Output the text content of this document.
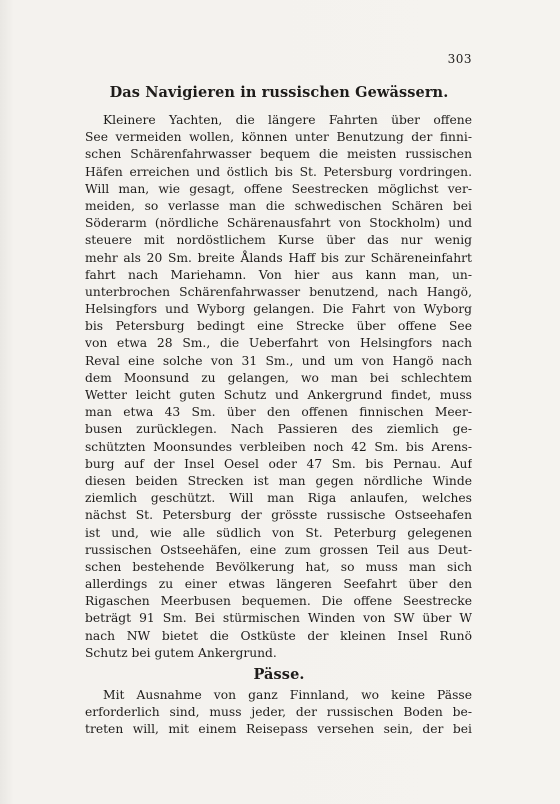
303
Das Navigieren in russischen Gewässern.
Kleinere Yachten, die längere Fahrten über offene
See vermeiden wollen, können unter Benutzung der finni-
schen Schärenfahrwasser bequem die meisten russischen
Häfen erreichen und östlich bis St. Petersburg vordringen.
Will man, wie gesagt, offene Seestrecken möglichst ver-
meiden, so verlasse man die schwedischen Schären bei
Söderarm (nördliche Schärenausfahrt von Stockholm) und
steuere mit nordöstlichem Kurse über das nur wenig
mehr als 20 Sm. breite Ålands Haff bis zur Schäreneinfahrt
fahrt nach Mariehamn. Von hier aus kann man, un-
unterbrochen Schärenfahrwasser benutzend, nach Hangö,
Helsingfors und Wyborg gelangen. Die Fahrt von Wyborg
bis Petersburg bedingt eine Strecke über offene See
von etwa 28 Sm., die Ueberfahrt von Helsingfors nach
Reval eine solche von 31 Sm., und um von Hangö nach
dem Moonsund zu gelangen, wo man bei schlechtem
Wetter leicht guten Schutz und Ankergrund findet, muss
man etwa 43 Sm. über den offenen finnischen Meer-
busen zurücklegen. Nach Passieren des ziemlich ge-
schützten Moonsundes verbleiben noch 42 Sm. bis Arens-
burg auf der Insel Oesel oder 47 Sm. bis Pernau. Auf
diesen beiden Strecken ist man gegen nördliche Winde
ziemlich geschützt. Will man Riga anlaufen, welches
nächst St. Petersburg der grösste russische Ostseehafen
ist und, wie alle südlich von St. Peterburg gelegenen
russischen Ostseehäfen, eine zum grossen Teil aus Deut-
schen bestehende Bevölkerung hat, so muss man sich
allerdings zu einer etwas längeren Seefahrt über den
Rigaschen Meerbusen bequemen. Die offene Seestrecke
beträgt 91 Sm. Bei stürmischen Winden von SW über W
nach NW bietet die Ostküste der kleinen Insel Runö
Schutz bei gutem Ankergrund.
Pässe.
Mit Ausnahme von ganz Finnland, wo keine Pässe
erforderlich sind, muss jeder, der russischen Boden be-
treten will, mit einem Reisepass versehen sein, der bei
